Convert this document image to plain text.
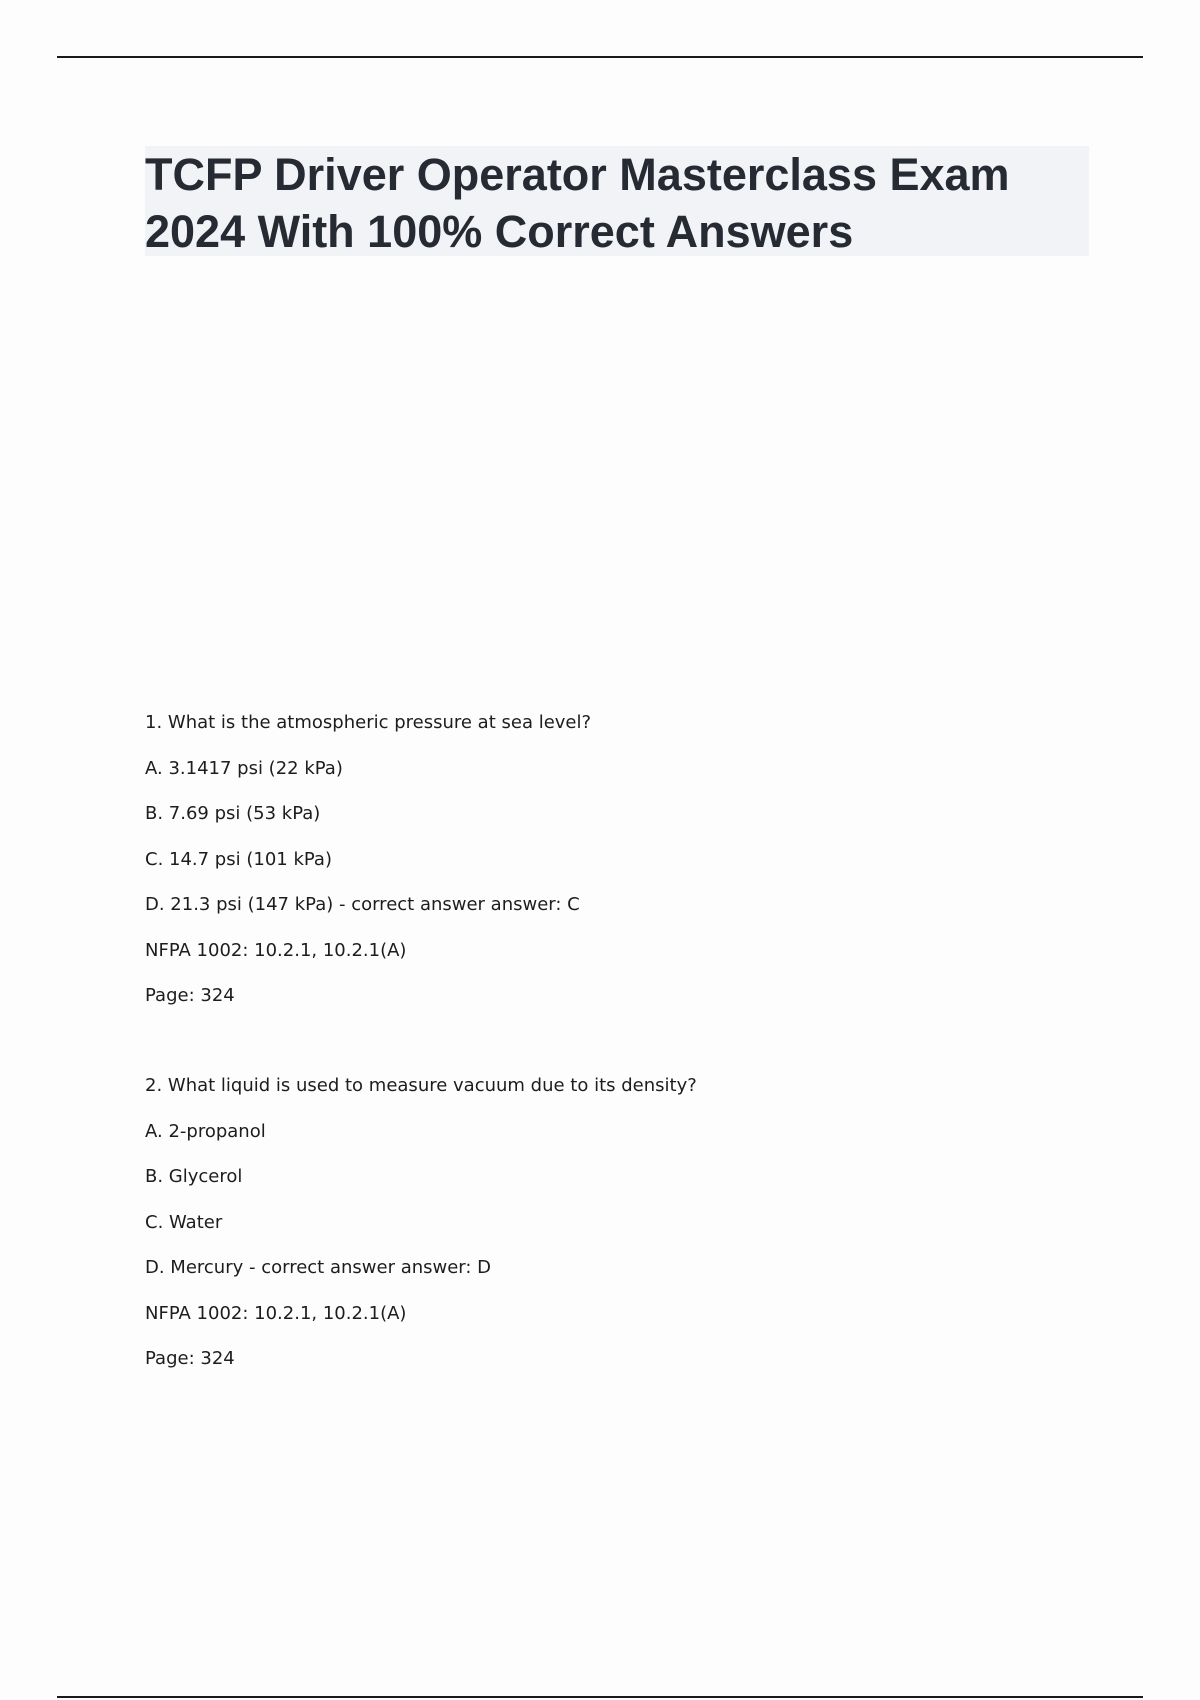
TCFP Driver Operator Masterclass Exam
2024 With 100% Correct Answers

1. What is the atmospheric pressure at sea level?

A. 3.1417 psi (22 kPa)

B. 7.69 psi (53 kPa)

C. 14.7 psi (101 kPa)

D. 21.3 psi (147 kPa) - correct answer answer: C

NFPA 1002: 10.2.1, 10.2.1(A)

Page: 324

2. What liquid is used to measure vacuum due to its density?

A. 2-propanol

B. Glycerol

C. Water

D. Mercury - correct answer answer: D

NFPA 1002: 10.2.1, 10.2.1(A)

Page: 324
